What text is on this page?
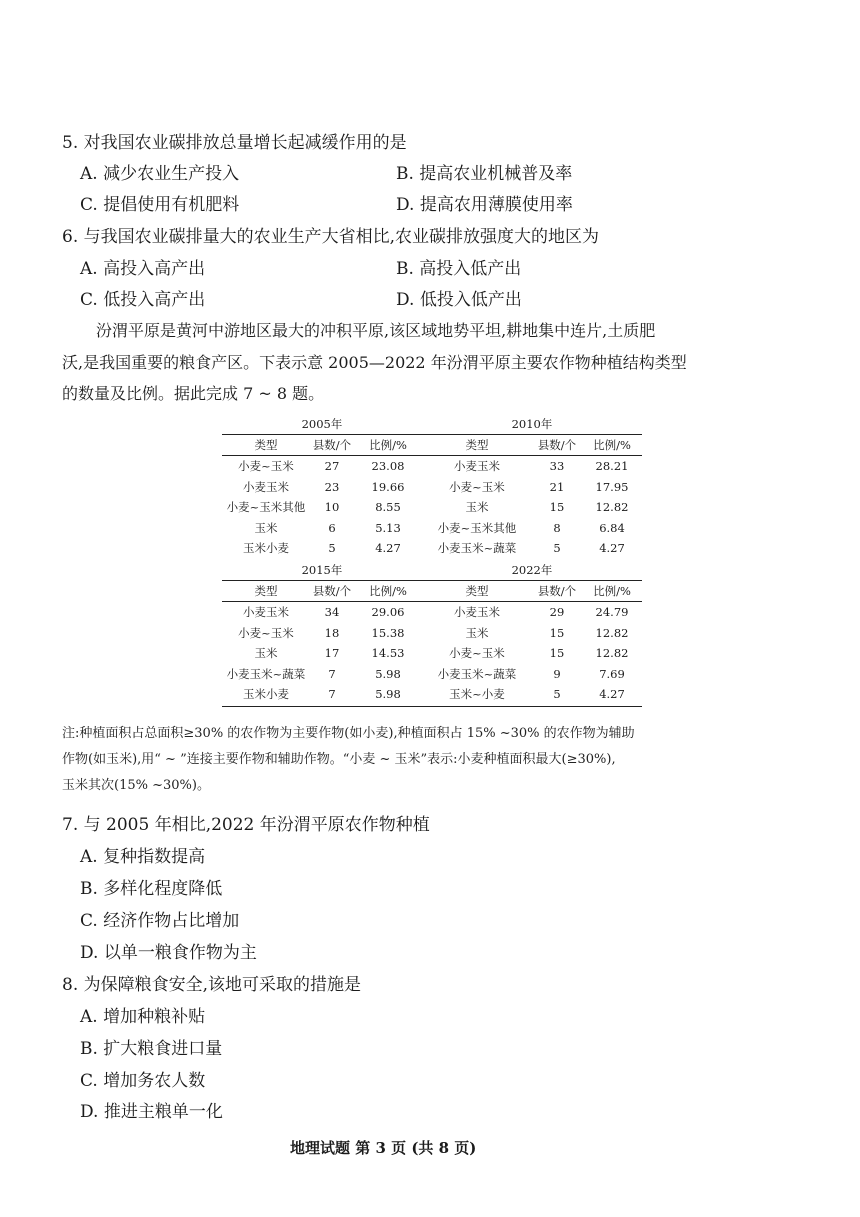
5. 对我国农业碳排放总量增长起减缓作用的是
A. 减少农业生产投入	B. 提高农业机械普及率
C. 提倡使用有机肥料	D. 提高农用薄膜使用率
6. 与我国农业碳排量大的农业生产大省相比,农业碳排放强度大的地区为
A. 高投入高产出	B. 高投入低产出
C. 低投入高产出	D. 低投入低产出
汾渭平原是黄河中游地区最大的冲积平原,该区域地势平坦,耕地集中连片,土质肥
沃,是我国重要的粮食产区。下表示意 2005—2022 年汾渭平原主要农作物种植结构类型
的数量及比例。据此完成 7 ~ 8 题。
2005年			2010年		
类型	县数/个	比例/%	类型	县数/个	比例/%
小麦~玉米	27	23.08	小麦玉米	33	28.21
小麦玉米	23	19.66	小麦~玉米	21	17.95
小麦~玉米其他	10	8.55	玉米	15	12.82
玉米	6	5.13	小麦~玉米其他	8	6.84
玉米小麦	5	4.27	小麦玉米~蔬菜	5	4.27
2015年			2022年		
类型	县数/个	比例/%	类型	县数/个	比例/%
小麦玉米	34	29.06	小麦玉米	29	24.79
小麦~玉米	18	15.38	玉米	15	12.82
玉米	17	14.53	小麦~玉米	15	12.82
小麦玉米~蔬菜	7	5.98	小麦玉米~蔬菜	9	7.69
玉米小麦	7	5.98	玉米~小麦	5	4.27
注:种植面积占总面积≥30% 的农作物为主要作物(如小麦),种植面积占 15% ~30% 的农作物为辅助
作物(如玉米),用“ ~ ”连接主要作物和辅助作物。“小麦 ~ 玉米”表示:小麦种植面积最大(≥30%),
玉米其次(15% ~30%)。
7. 与 2005 年相比,2022 年汾渭平原农作物种植
A. 复种指数提高
B. 多样化程度降低
C. 经济作物占比增加
D. 以单一粮食作物为主
8. 为保障粮食安全,该地可采取的措施是
A. 增加种粮补贴
B. 扩大粮食进口量
C. 增加务农人数
D. 推进主粮单一化
地理试题 第 3 页 (共 8 页)
